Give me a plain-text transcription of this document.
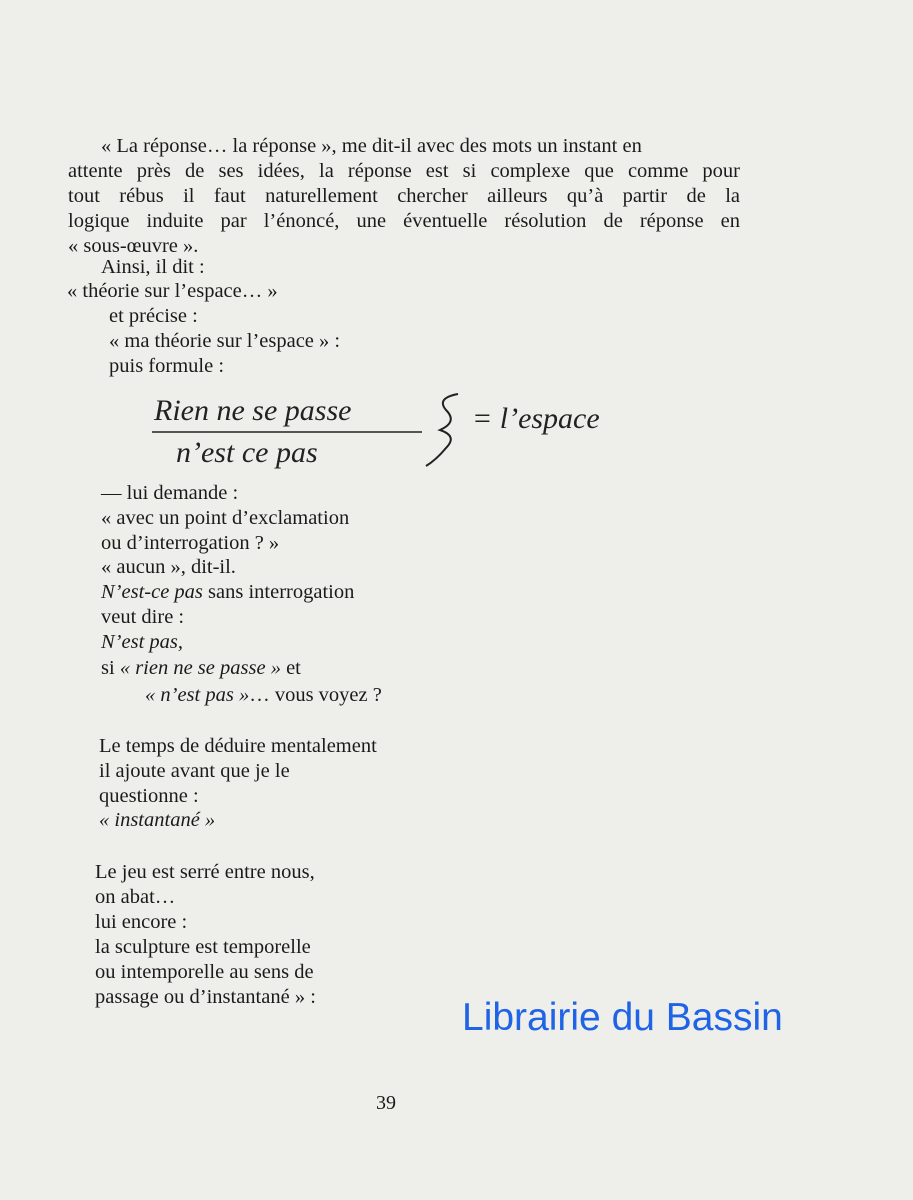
« La réponse… la réponse », me dit-il avec des mots un instant en
attente près de ses idées, la réponse est si complexe que comme pour
tout rébus il faut naturellement chercher ailleurs qu’à partir de la
logique induite par l’énoncé, une éventuelle résolution de réponse en
« sous-œuvre ».
Ainsi, il dit :
« théorie sur l’espace… »
et précise :
« ma théorie sur l’espace » :
puis formule :
Rien ne se passe
n’est ce pas
= l’espace
— lui demande :
« avec un point d’exclamation
ou d’interrogation ? »
« aucun », dit-il.
N’est-ce pas sans interrogation
veut dire :
N’est pas,
si « rien ne se passe » et
« n’est pas »… vous voyez ?
Le temps de déduire mentalement
il ajoute avant que je le
questionne :
« instantané »
Le jeu est serré entre nous,
on abat…
lui encore :
la sculpture est temporelle
ou intemporelle au sens de
passage ou d’instantané » :	Librairie du Bassin
39
